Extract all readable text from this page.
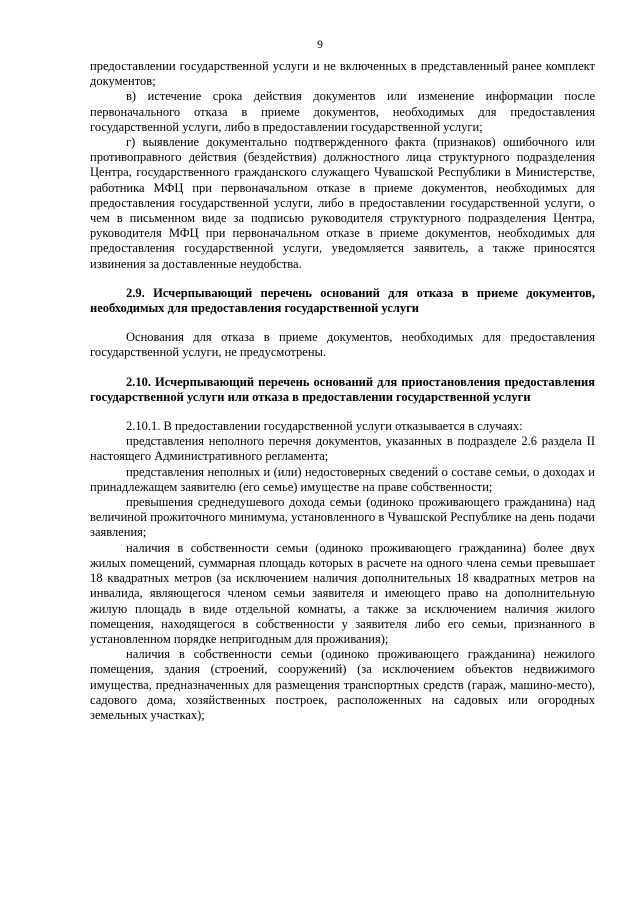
9

предоставлении государственной услуги и не включенных в представленный ранее комплект документов;

в) истечение срока действия документов или изменение информации после первоначального отказа в приеме документов, необходимых для предоставления государственной услуги, либо в предоставлении государственной услуги;

г) выявление документально подтвержденного факта (признаков) ошибочного или противоправного действия (бездействия) должностного лица структурного подразделения Центра, государственного гражданского служащего Чувашской Республики в Министерстве, работника МФЦ при первоначальном отказе в приеме документов, необходимых для предоставления государственной услуги, либо в предоставлении государственной услуги, о чем в письменном виде за подписью руководителя структурного подразделения Центра, руководителя МФЦ при первоначальном отказе в приеме документов, необходимых для предоставления государственной услуги, уведомляется заявитель, а также приносятся извинения за доставленные неудобства.

2.9. Исчерпывающий перечень оснований для отказа в приеме документов, необходимых для предоставления государственной услуги

Основания для отказа в приеме документов, необходимых для предоставления государственной услуги, не предусмотрены.

2.10. Исчерпывающий перечень оснований для приостановления предоставления государственной услуги или отказа в предоставлении государственной услуги

2.10.1. В предоставлении государственной услуги отказывается в случаях:

представления неполного перечня документов, указанных в подразделе 2.6 раздела II настоящего Административного регламента;

представления неполных и (или) недостоверных сведений о составе семьи, о доходах и принадлежащем заявителю (его семье) имуществе на праве собственности;

превышения среднедушевого дохода семьи (одиноко проживающего гражданина) над величиной прожиточного минимума, установленного в Чувашской Республике на день подачи заявления;

наличия в собственности семьи (одиноко проживающего гражданина) более двух жилых помещений, суммарная площадь которых в расчете на одного члена семьи превышает 18 квадратных метров (за исключением наличия дополнительных 18 квадратных метров на инвалида, являющегося членом семьи заявителя и имеющего право на дополнительную жилую площадь в виде отдельной комнаты, а также за исключением наличия жилого помещения, находящегося в собственности у заявителя либо его семьи, признанного в установленном порядке непригодным для проживания);

наличия в собственности семьи (одиноко проживающего гражданина) нежилого помещения, здания (строений, сооружений) (за исключением объектов недвижимого имущества, предназначенных для размещения транспортных средств (гараж, машино-место), садового дома, хозяйственных построек, расположенных на садовых или огородных земельных участках);
